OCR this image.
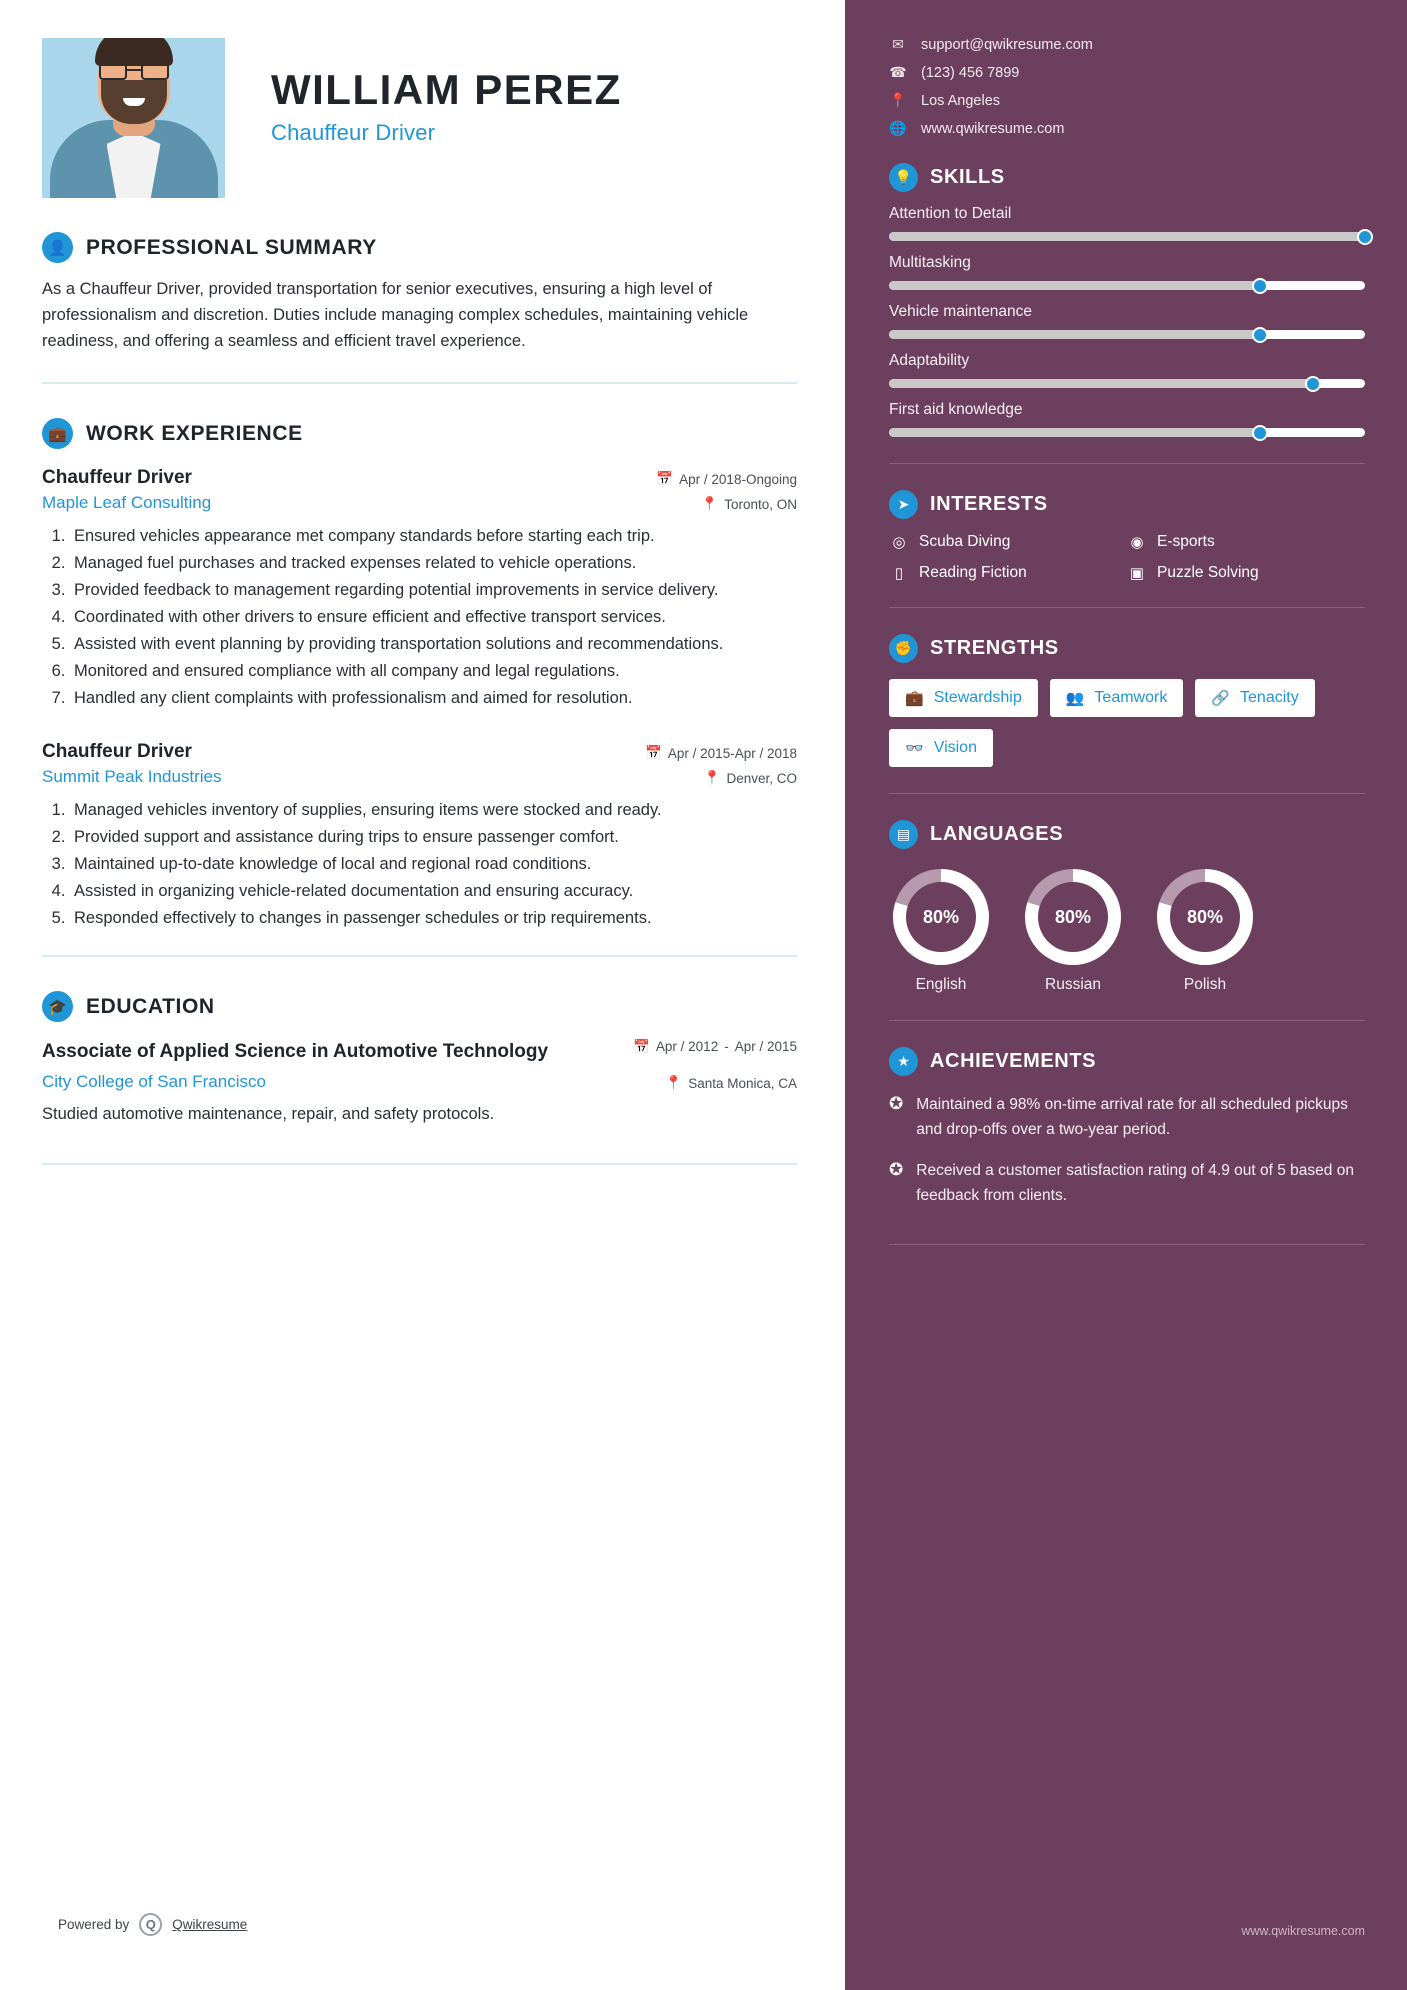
WILLIAM PEREZ
Chauffeur Driver
👤 PROFESSIONAL SUMMARY
As a Chauffeur Driver, provided transportation for senior executives, ensuring a high level of professionalism and discretion. Duties include managing complex schedules, maintaining vehicle readiness, and offering a seamless and efficient travel experience.
💼 WORK EXPERIENCE
Chauffeur Driver	📅 Apr / 2018-Ongoing
Maple Leaf Consulting	📍 Toronto, ON
1. Ensured vehicles appearance met company standards before starting each trip.
2. Managed fuel purchases and tracked expenses related to vehicle operations.
3. Provided feedback to management regarding potential improvements in service delivery.
4. Coordinated with other drivers to ensure efficient and effective transport services.
5. Assisted with event planning by providing transportation solutions and recommendations.
6. Monitored and ensured compliance with all company and legal regulations.
7. Handled any client complaints with professionalism and aimed for resolution.
Chauffeur Driver	📅 Apr / 2015-Apr / 2018
Summit Peak Industries	📍 Denver, CO
1. Managed vehicles inventory of supplies, ensuring items were stocked and ready.
2. Provided support and assistance during trips to ensure passenger comfort.
3. Maintained up-to-date knowledge of local and regional road conditions.
4. Assisted in organizing vehicle-related documentation and ensuring accuracy.
5. Responded effectively to changes in passenger schedules or trip requirements.
🎓 EDUCATION
Associate of Applied Science in Automotive Technology	📅 Apr / 2012 - Apr / 2015
City College of San Francisco	📍 Santa Monica, CA
Studied automotive maintenance, repair, and safety protocols.
Powered by	Q	Qwikresume
✉ support@qwikresume.com
☎ (123) 456 7899
📍 Los Angeles
🌐 www.qwikresume.com
💡 SKILLS
Attention to Detail
Multitasking
Vehicle maintenance
Adaptability
First aid knowledge
➤	INTERESTS
◎ Scuba Diving	◉ E-sports
▯	Reading Fiction	▣ Puzzle Solving
✊ STRENGTHS
💼 Stewardship	👥 Teamwork	🔗 Tenacity
👓 Vision
▤ LANGUAGES
80%
English
80%
Russian
80%
Polish
★	ACHIEVEMENTS
✪ Maintained a 98% on-time arrival rate for all scheduled pickups and drop-offs over a two-year period.
✪ Received a customer satisfaction rating of 4.9 out of 5 based on feedback from clients.
www.qwikresume.com
